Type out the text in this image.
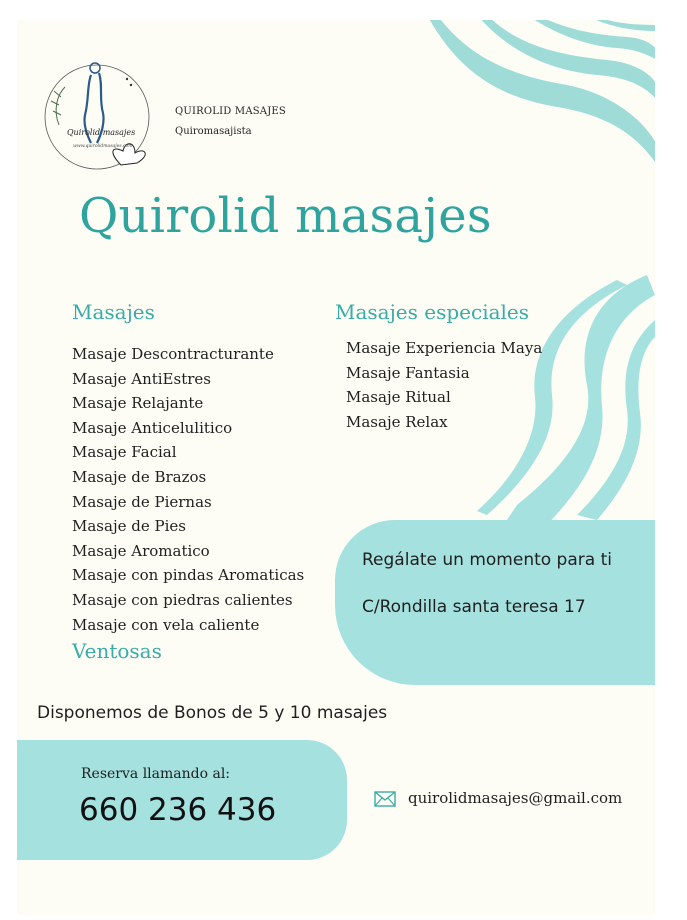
Quirolid masajes
www.quirolidmasajes.com
QUIROLID MASAJES
Quiromasajista
Quirolid masajes
Masajes
Masaje Descontracturante
Masaje AntiEstres
Masaje Relajante
Masaje Anticelulitico
Masaje Facial
Masaje de Brazos
Masaje de Piernas
Masaje de Pies
Masaje Aromatico
Masaje con pindas Aromaticas
Masaje con piedras calientes
Masaje con vela caliente
Ventosas
Masajes especiales
Masaje Experiencia Maya
Masaje Fantasia
Masaje Ritual
Masaje Relax
Regálate un momento para ti
C/Rondilla santa teresa 17
Disponemos de Bonos de 5 y 10 masajes
Reserva llamando al:
660 236 436	quirolidmasajes@gmail.com
